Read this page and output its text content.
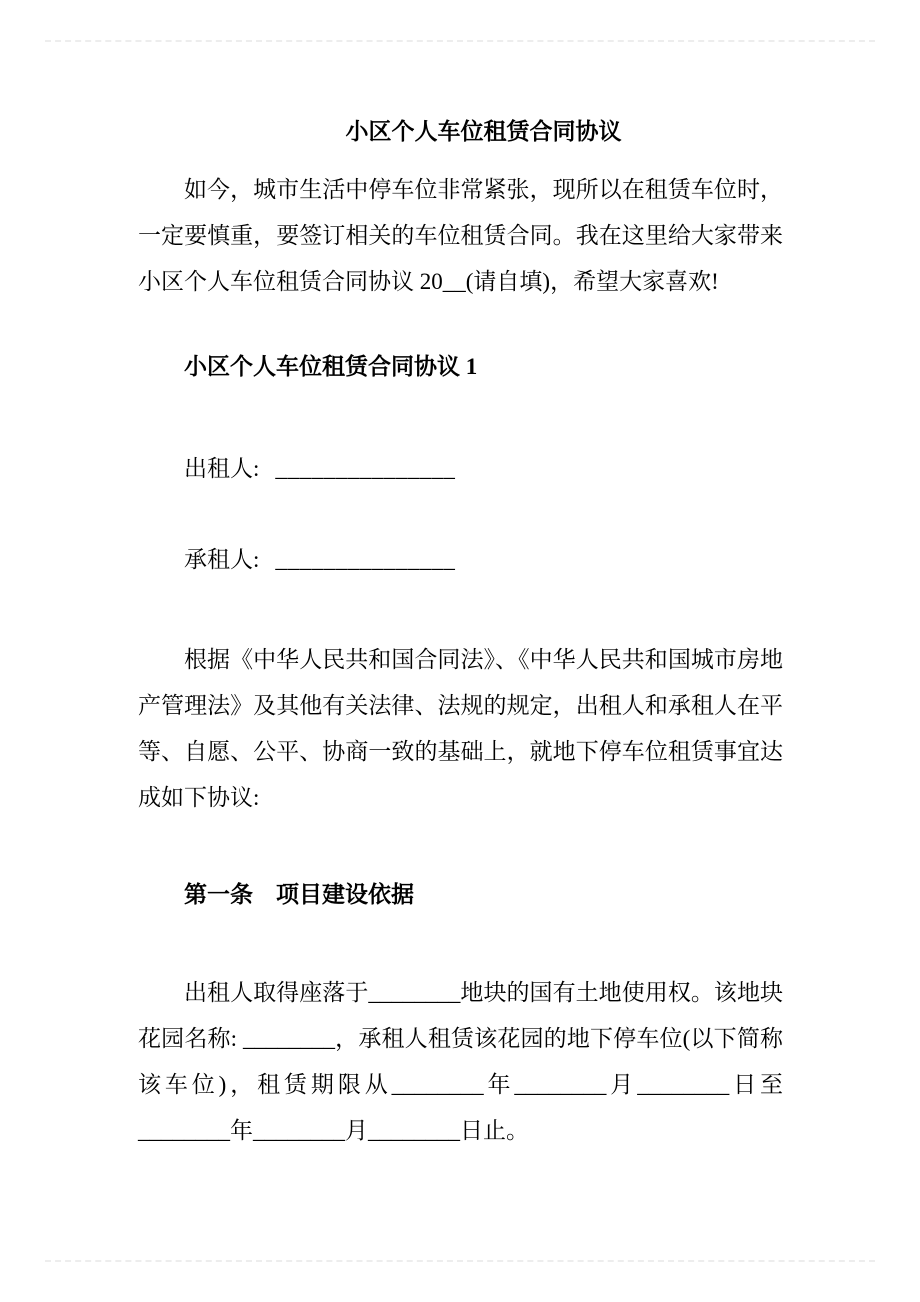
小区个人车位租赁合同协议

如今，城市生活中停车位非常紧张，现所以在租赁车位时，一定要慎重，要签订相关的车位租赁合同。我在这里给大家带来小区个人车位租赁合同协议 20__(请自填)，希望大家喜欢!

小区个人车位租赁合同协议 1
出租人: _______________
承租人: _______________

根据《中华人民共和国合同法》、《中华人民共和国城市房地产管理法》及其他有关法律、法规的规定，出租人和承租人在平等、自愿、公平、协商一致的基础上，就地下停车位租赁事宜达成如下协议:

第一条　项目建设依据

出租人取得座落于________地块的国有土地使用权。该地块花园名称: ________，承租人租赁该花园的地下停车位(以下简称该车位)，租赁期限从________年________月________日至________年________月________日止。
